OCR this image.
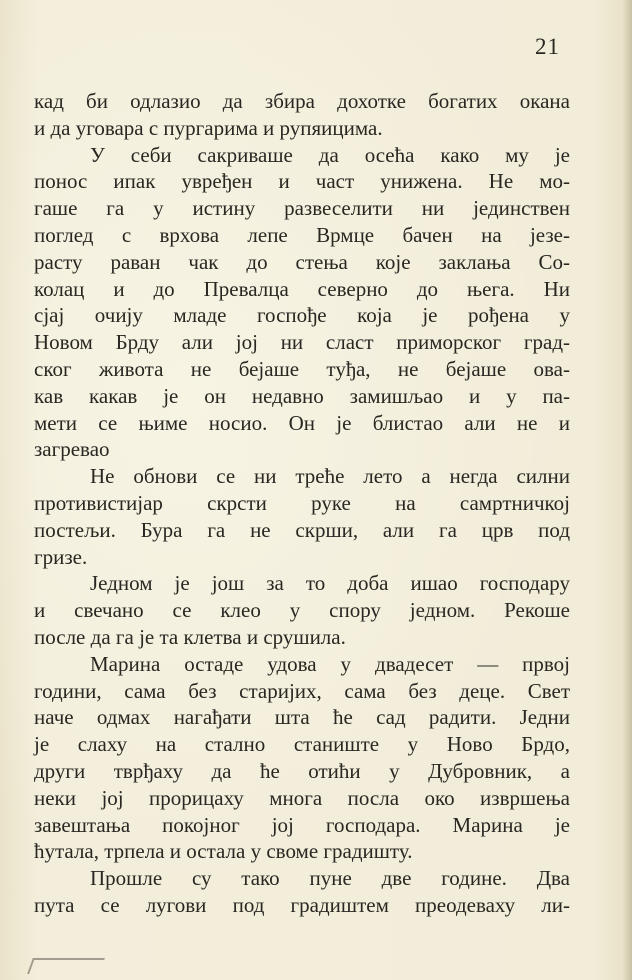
21
кад би одлазио да збира дохотке богатих окана
и да уговара с пургарима и рупяицима.
У себи сакриваше да осећа како му је
понос ипак увређен и част унижена. Не мо-
гаше га у истину развеселити ни јединствен
поглед с врхова лепе Врмце бачен на језе-
расту раван чак до стења које заклања Со-
колац и до Превалца северно до њега. Ни
сјај очију младе госпође која је рођена у
Новом Брду али јој ни сласт приморског град-
ског живота не бејаше туђа, не бејаше ова-
кав какав је он недавно замишљао и у па-
мети се њиме носио. Он је блистао али не и
загревао
Не обнови се ни треће лето а негда силни
противистијар скрсти руке на самртничкој
постељи. Бура га не скрши, али га црв под
гризе.
Једном је још за то доба ишао господару
и свечано се клео у спору једном. Рекоше
после да га је та клетва и срушила.
Марина остаде удова у двадесет — првој
години, сама без старијих, сама без деце. Свет
наче одмах нагађати шта ће сад радити. Једни
је слаху на стално станиште у Ново Брдо,
други тврђаху да ће отићи у Дубровник, а
неки јој прорицаху многа посла око извршења
завештања покојног јој господара. Марина је
ћутала, трпела и остала у своме градишту.
Прошле су тако пуне две године. Два
пута се лугови под градиштем преодеваху ли-
